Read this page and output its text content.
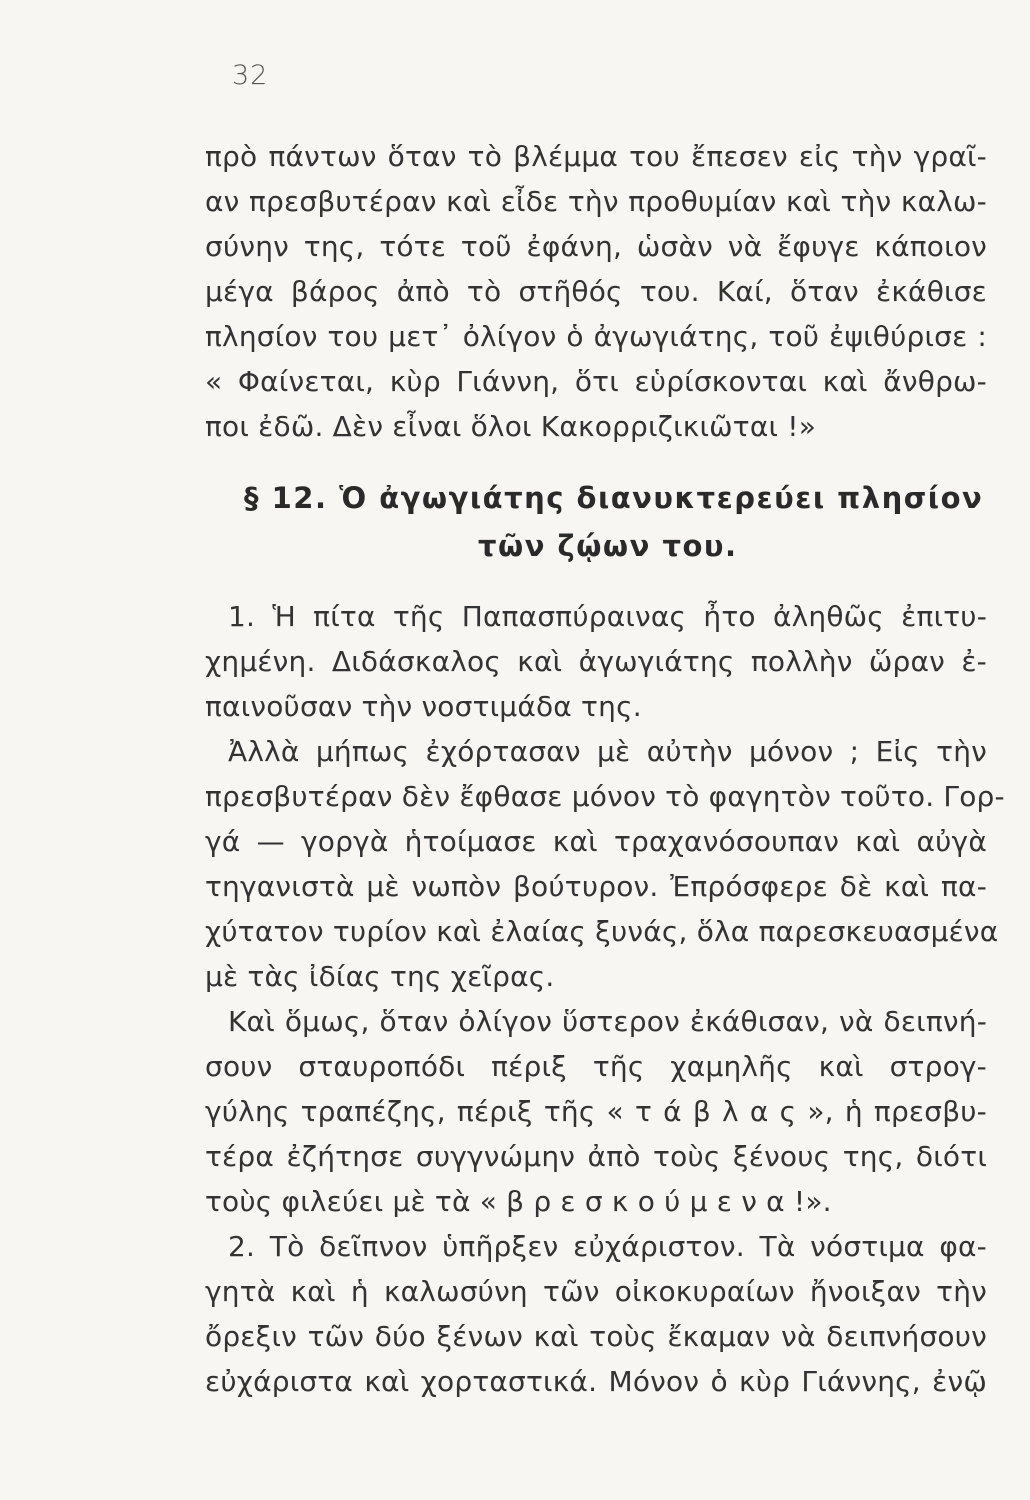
32
πρὸ πάντων ὅταν τὸ βλέμμα του ἔπεσεν εἰς τὴν γραῖ-
αν πρεσβυτέραν καὶ εἶδε τὴν προθυμίαν καὶ τὴν καλω-
σύνην της, τότε τοῦ ἐφάνη, ὡσὰν νὰ ἔφυγε κάποιον
μέγα βάρος ἀπὸ τὸ στῆθός του. Καί, ὅταν ἐκάθισε
πλησίον του μετ᾿ ὀλίγον ὁ ἀγωγιάτης, τοῦ ἐψιθύρισε :
« Φαίνεται, κὺρ Γιάννη, ὅτι εὑρίσκονται καὶ ἄνθρω-
ποι ἐδῶ. Δὲν εἶναι ὅλοι Κακορριζικιῶται !»
§ 12. Ὁ ἀγωγιάτης διανυκτερεύει πλησίον
τῶν ζῴων του.
1. Ἡ πίτα τῆς Παπασπύραινας ἦτο ἀληθῶς ἐπιτυ-
χημένη. Διδάσκαλος καὶ ἀγωγιάτης πολλὴν ὥραν ἐ-
παινοῦσαν τὴν νοστιμάδα της.
Ἀλλὰ μήπως ἐχόρτασαν μὲ αὐτὴν μόνον ; Εἰς τὴν
πρεσβυτέραν δὲν ἔφθασε μόνον τὸ φαγητὸν τοῦτο. Γορ-
γά — γοργὰ ἡτοίμασε καὶ τραχανόσουπαν καὶ αὐγὰ
τηγανιστὰ μὲ νωπὸν βούτυρον. Ἐπρόσφερε δὲ καὶ πα-
χύτατον τυρίον καὶ ἐλαίας ξυνάς, ὅλα παρεσκευασμένα
μὲ τὰς ἰδίας της χεῖρας.
Καὶ ὅμως, ὅταν ὀλίγον ὕστερον ἐκάθισαν, νὰ δειπνή-
σουν σταυροπόδι πέριξ τῆς χαμηλῆς καὶ στρογ-
γύλης τραπέζης, πέριξ τῆς « τ ά β λ α ς », ἡ πρεσβυ-
τέρα ἐζήτησε συγγνώμην ἀπὸ τοὺς ξένους της, διότι
τοὺς φιλεύει μὲ τὰ « β ρ ε σ κ ο ύ μ ε ν α !».
2. Τὸ δεῖπνον ὑπῆρξεν εὐχάριστον. Τὰ νόστιμα φα-
γητὰ καὶ ἡ καλωσύνη τῶν οἰκοκυραίων ἤνοιξαν τὴν
ὄρεξιν τῶν δύο ξένων καὶ τοὺς ἔκαμαν νὰ δειπνήσουν
εὐχάριστα καὶ χορταστικά. Μόνον ὁ κὺρ Γιάννης, ἐνῷ
